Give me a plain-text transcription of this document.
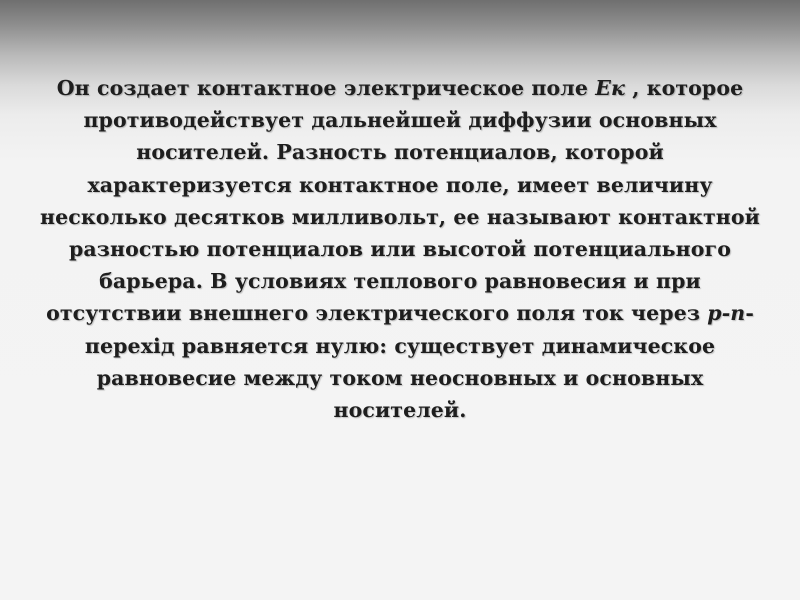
Он создает контактное электрическое поле Ек , которое противодействует дальнейшей диффузии основных носителей. Разность потенциалов, которой характеризуется контактное поле, имеет величину несколько десятков милливольт, ее называют контактной разностью потенциалов или высотой потенциального барьера. В условиях теплового равновесия и при отсутствии внешнего электрического поля ток через p-n-перехід равняется нулю: существует динамическое равновесие между током неосновных и основных носителей.
